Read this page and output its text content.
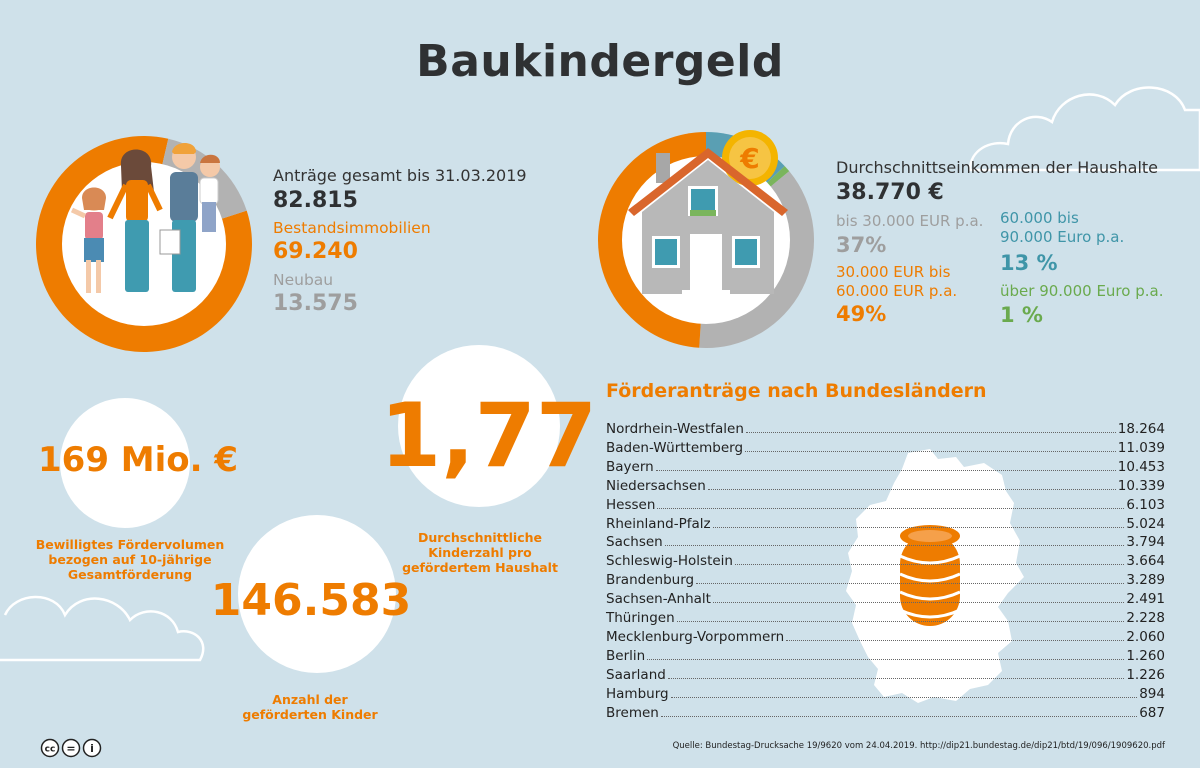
Baukindergeld
Anträge gesamt bis 31.03.2019
82.815
Bestandsimmobilien
69.240
Neubau
13.575
€	Durchschnittseinkommen der Haushalte
38.770 €
bis 30.000 EUR p.a.
37%
30.000 EUR bis
60.000 EUR p.a.
49%
60.000 bis
90.000 Euro p.a.
13 %
über 90.000 Euro p.a.
1 %
169 Mio. €
Bewilligtes Fördervolumen
bezogen auf 10-jährige
Gesamtförderung
1,77
Durchschnittliche
Kinderzahl pro
gefördertem Haushalt
146.583
Anzahl der
geförderten Kinder
Förderanträge nach Bundesländern
Nordrhein-Westfalen	18.264
Baden-Württemberg	11.039
Bayern	10.453
Niedersachsen	10.339
Hessen	6.103
Rheinland-Pfalz	5.024
Sachsen	3.794
Schleswig-Holstein	3.664
Brandenburg	3.289
Sachsen-Anhalt	2.491
Thüringen	2.228
Mecklenburg-Vorpommern	2.060
Berlin	1.260
Saarland	1.226
Hamburg	894
Bremen	687
cc = i	Quelle: Bundestag-Drucksache 19/9620 vom 24.04.2019. http://dip21.bundestag.de/dip21/btd/19/096/1909620.pdf
